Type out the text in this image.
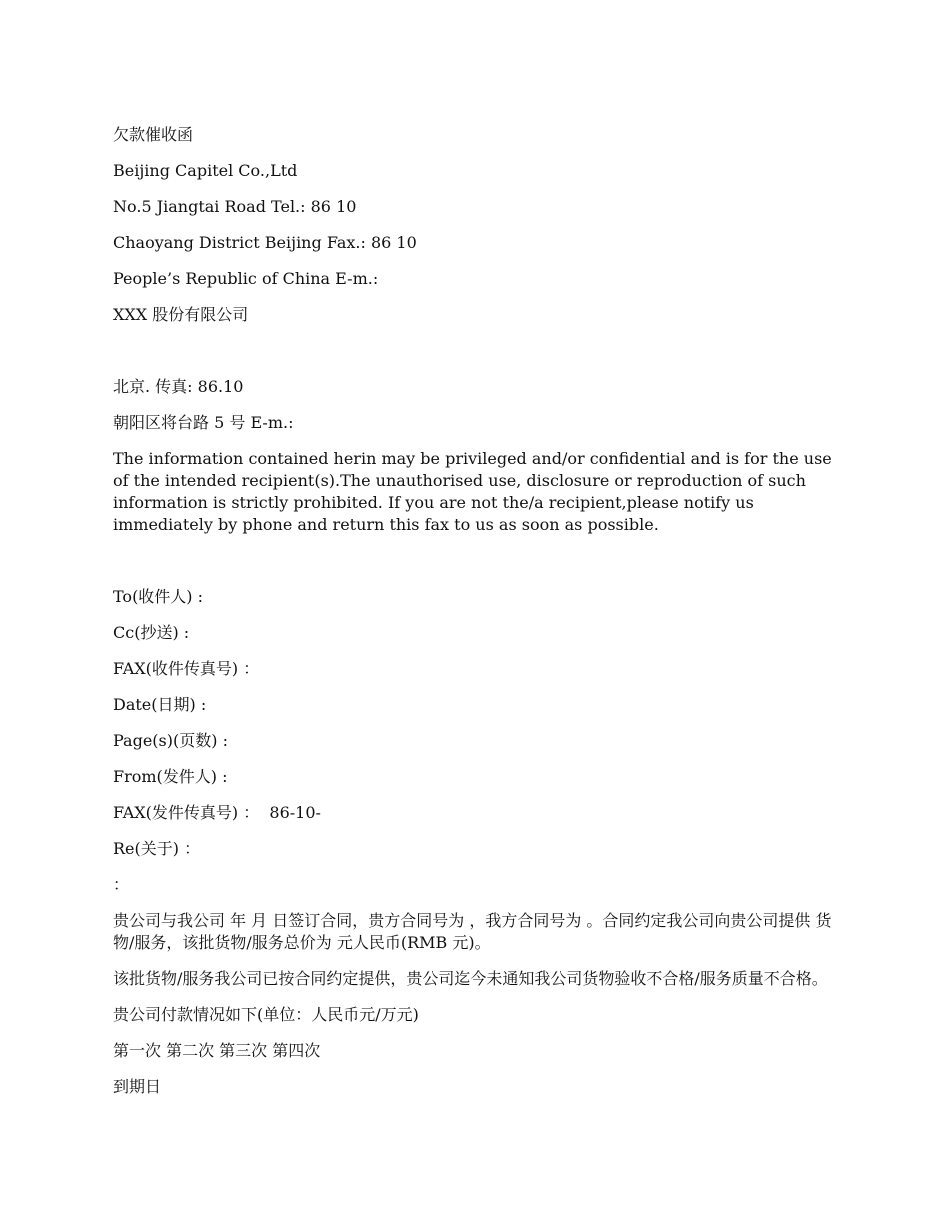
欠款催收函
Beijing Capitel Co.,Ltd
No.5 Jiangtai Road Tel.: 86 10
Chaoyang District Beijing Fax.: 86 10
People’s Republic of China E-m.:
XXX 股份有限公司
北京. 传真: 86.10
朝阳区将台路 5 号 E-m.:
The information contained herin may be privileged and/or confidential and is for the use of the intended recipient(s).The unauthorised use, disclosure or reproduction of such information is strictly prohibited. If you are not the/a recipient,please notify us immediately by phone and return this fax to us as soon as possible.
To(收件人) :
Cc(抄送) :
FAX(收件传真号) ：
Date(日期) :
Page(s)(页数) :
From(发件人) :
FAX(发件传真号) ：  86-10-
Re(关于) ：
：
贵公司与我公司 年 月 日签订合同，贵方合同号为 ，我方合同号为 。合同约定我公司向贵公司提供 货物/服务，该批货物/服务总价为 元人民币(RMB 元)。
该批货物/服务我公司已按合同约定提供，贵公司迄今未通知我公司货物验收不合格/服务质量不合格。
贵公司付款情况如下(单位：人民币元/万元)
第一次 第二次 第三次 第四次
到期日
